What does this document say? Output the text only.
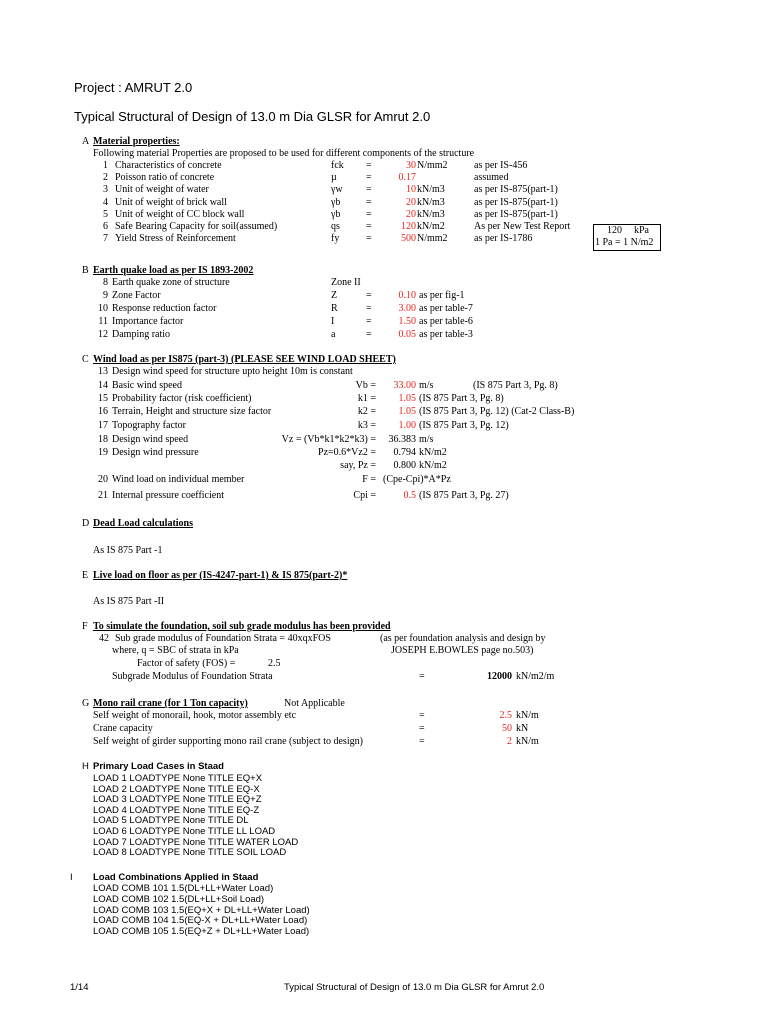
Project : AMRUT 2.0
Typical Structural of Design of 13.0 m Dia GLSR for Amrut 2.0
A Material properties:
Following material Properties are proposed to be used for different components of the structure
1 Characteristics of concrete	fck =	30 N/mm2	as per IS-456
2 Poisson ratio of concrete	µ	=	0.17	assumed
3 Unit of weight of water	γw =	10 kN/m3	as per IS-875(part-1)
4 Unit of weight of brick wall	γb	=	20 kN/m3	as per IS-875(part-1)
5 Unit of weight of CC block wall	γb	=	20 kN/m3	as per IS-875(part-1)
6 Safe Bearing Capacity for soil(assumed)	qs	=	120 kN/m2	As per New Test Report
7 Yield Stress of Reinforcement	fy	=	500 N/mm2	as per IS-1786
120 kPa
1 Pa = 1 N/m2
B Earth quake load as per IS 1893-2002
8 Earth quake zone of structure	Zone II
9 Zone Factor	Z	=	0.10 as per fig-1
10 Response reduction factor	R	=	3.00 as per table-7
11 Importance factor	I	=	1.50 as per table-6
12 Damping ratio	a	=	0.05 as per table-3
C Wind load as per IS875 (part-3) (PLEASE SEE WIND LOAD SHEET)
13 Design wind speed for structure upto height 10m is constant
14 Basic wind speed	Vb =	33.00 m/s	(IS 875 Part 3, Pg. 8)
15 Probability factor (risk coefficient)	k1 =	1.05 (IS 875 Part 3, Pg. 8)
16 Terrain, Height and structure size factor	k2 =	1.05 (IS 875 Part 3, Pg. 12) (Cat-2 Class-B)
17 Topography factor	k3 =	1.00 (IS 875 Part 3, Pg. 12)
18 Design wind speed	Vz = (Vb*k1*k2*k3) =	36.383 m/s
19 Design wind pressure	Pz=0.6*Vz2 =	0.794 kN/m2
say, Pz =	0.800 kN/m2
20 Wind load on individual member	F = (Cpe-Cpi)*A*Pz
21 Internal pressure coefficient	Cpi =	0.5 (IS 875 Part 3, Pg. 27)
D Dead Load calculations
As IS 875 Part -1
E Live load on floor as per (IS-4247-part-1) & IS 875(part-2)*
As IS 875 Part -II
F To simulate the foundation, soil sub grade modulus has been provided
42 Sub grade modulus of Foundation Strata = 40xqxFOS	(as per foundation analysis and design by
where, q = SBC of strata in kPa	JOSEPH E.BOWLES page no.503)
Factor of safety (FOS) =	2.5
Subgrade Modulus of Foundation Strata	=	12000 kN/m2/m
G Mono rail crane (for 1 Ton capacity)	Not Applicable
Self weight of monorail, hook, motor assembly etc	=	2.5 kN/m
Crane capacity	=	50 kN
Self weight of girder supporting mono rail crane (subject to design)	=	2 kN/m
H Primary Load Cases in Staad
LOAD 1 LOADTYPE None TITLE EQ+X
LOAD 2 LOADTYPE None TITLE EQ-X
LOAD 3 LOADTYPE None TITLE EQ+Z
LOAD 4 LOADTYPE None TITLE EQ-Z
LOAD 5 LOADTYPE None TITLE DL
LOAD 6 LOADTYPE None TITLE LL LOAD
LOAD 7 LOADTYPE None TITLE WATER LOAD
LOAD 8 LOADTYPE None TITLE SOIL LOAD
I Load Combinations Applied in Staad
LOAD COMB 101 1.5(DL+LL+Water Load)
LOAD COMB 102 1.5(DL+LL+Soil Load)
LOAD COMB 103 1.5(EQ+X + DL+LL+Water Load)
LOAD COMB 104 1.5(EQ-X + DL+LL+Water Load)
LOAD COMB 105 1.5(EQ+Z + DL+LL+Water Load)
1/14	Typical Structural of Design of 13.0 m Dia GLSR for Amrut 2.0
